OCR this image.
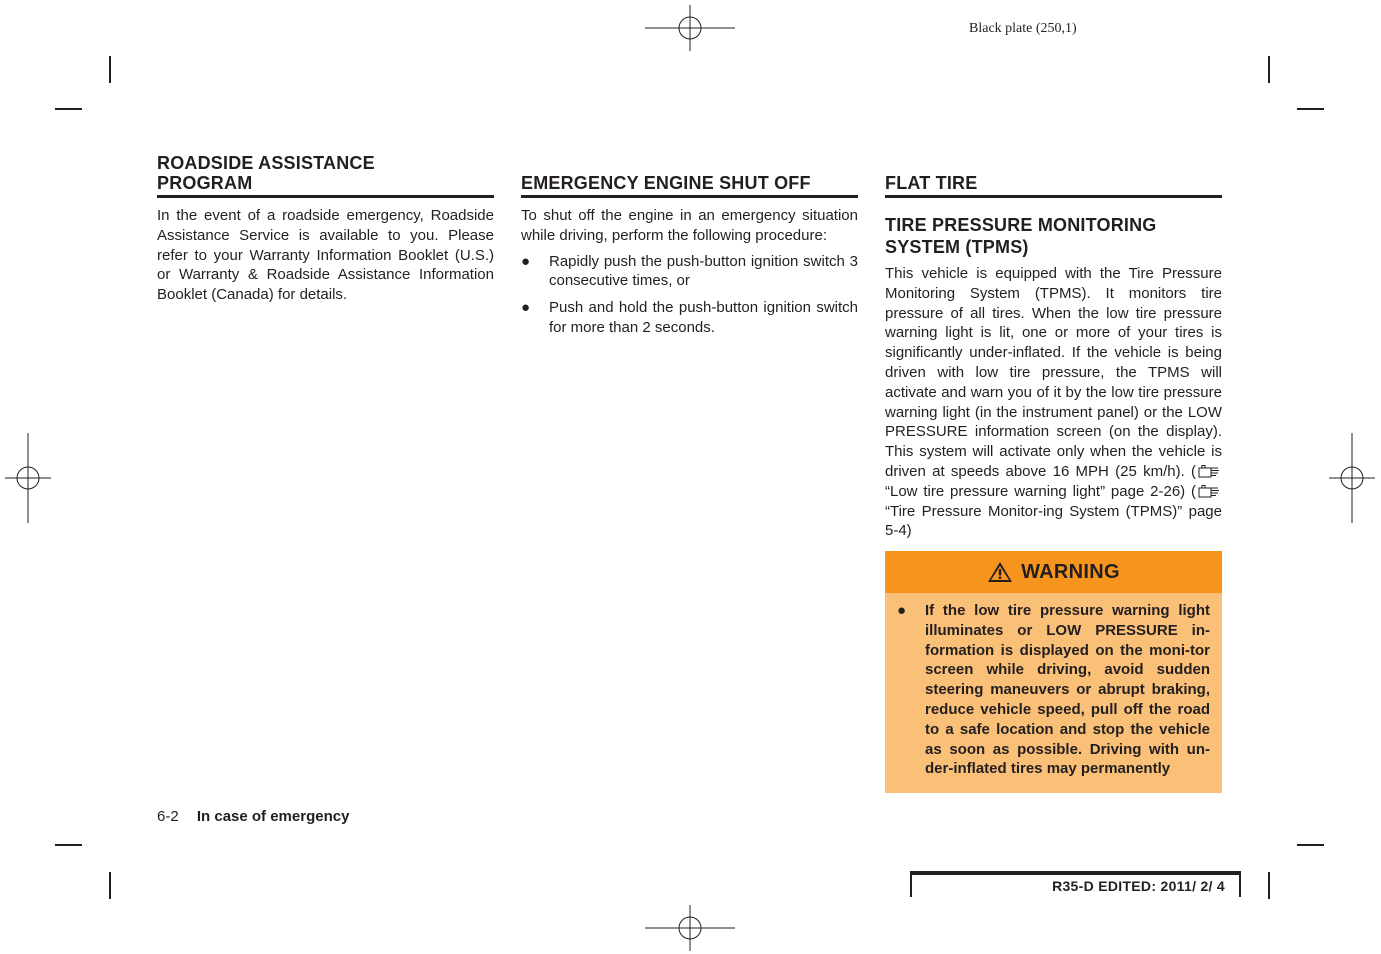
Black plate (250,1)
ROADSIDE ASSISTANCE PROGRAM

In the event of a roadside emergency, Roadside Assistance Service is available to you. Please refer to your Warranty Information Booklet (U.S.) or Warranty & Roadside Assistance Information Booklet (Canada) for details.

EMERGENCY ENGINE SHUT OFF

To shut off the engine in an emergency situation while driving, perform the following procedure:

● Rapidly push the push-button ignition switch 3 consecutive times, or
● Push and hold the push-button ignition switch for more than 2 seconds.
FLAT TIRE
TIRE PRESSURE MONITORING SYSTEM (TPMS)

This vehicle is equipped with the Tire Pressure Monitoring System (TPMS). It monitors tire pressure of all tires. When the low tire pressure warning light is lit, one or more of your tires is significantly under-inflated. If the vehicle is being driven with low tire pressure, the TPMS will activate and warn you of it by the low tire pressure warning light (in the instrument panel) or the LOW PRESSURE information screen (on the display). This system will activate only when the vehicle is driven at speeds above 16 MPH (25 km/h). (“Low tire pressure warning light” page 2-26) (“Tire Pressure Monitor-ing System (TPMS)” page 5-4)

WARNING
● If the low tire pressure warning light illuminates or LOW PRESSURE in-formation is displayed on the moni-tor screen while driving, avoid sudden steering maneuvers or abrupt braking, reduce vehicle speed, pull off the road to a safe location and stop the vehicle as soon as possible. Driving with un-der-inflated tires may permanently
6-2 In case of emergency
R35-D EDITED: 2011/ 2/ 4
